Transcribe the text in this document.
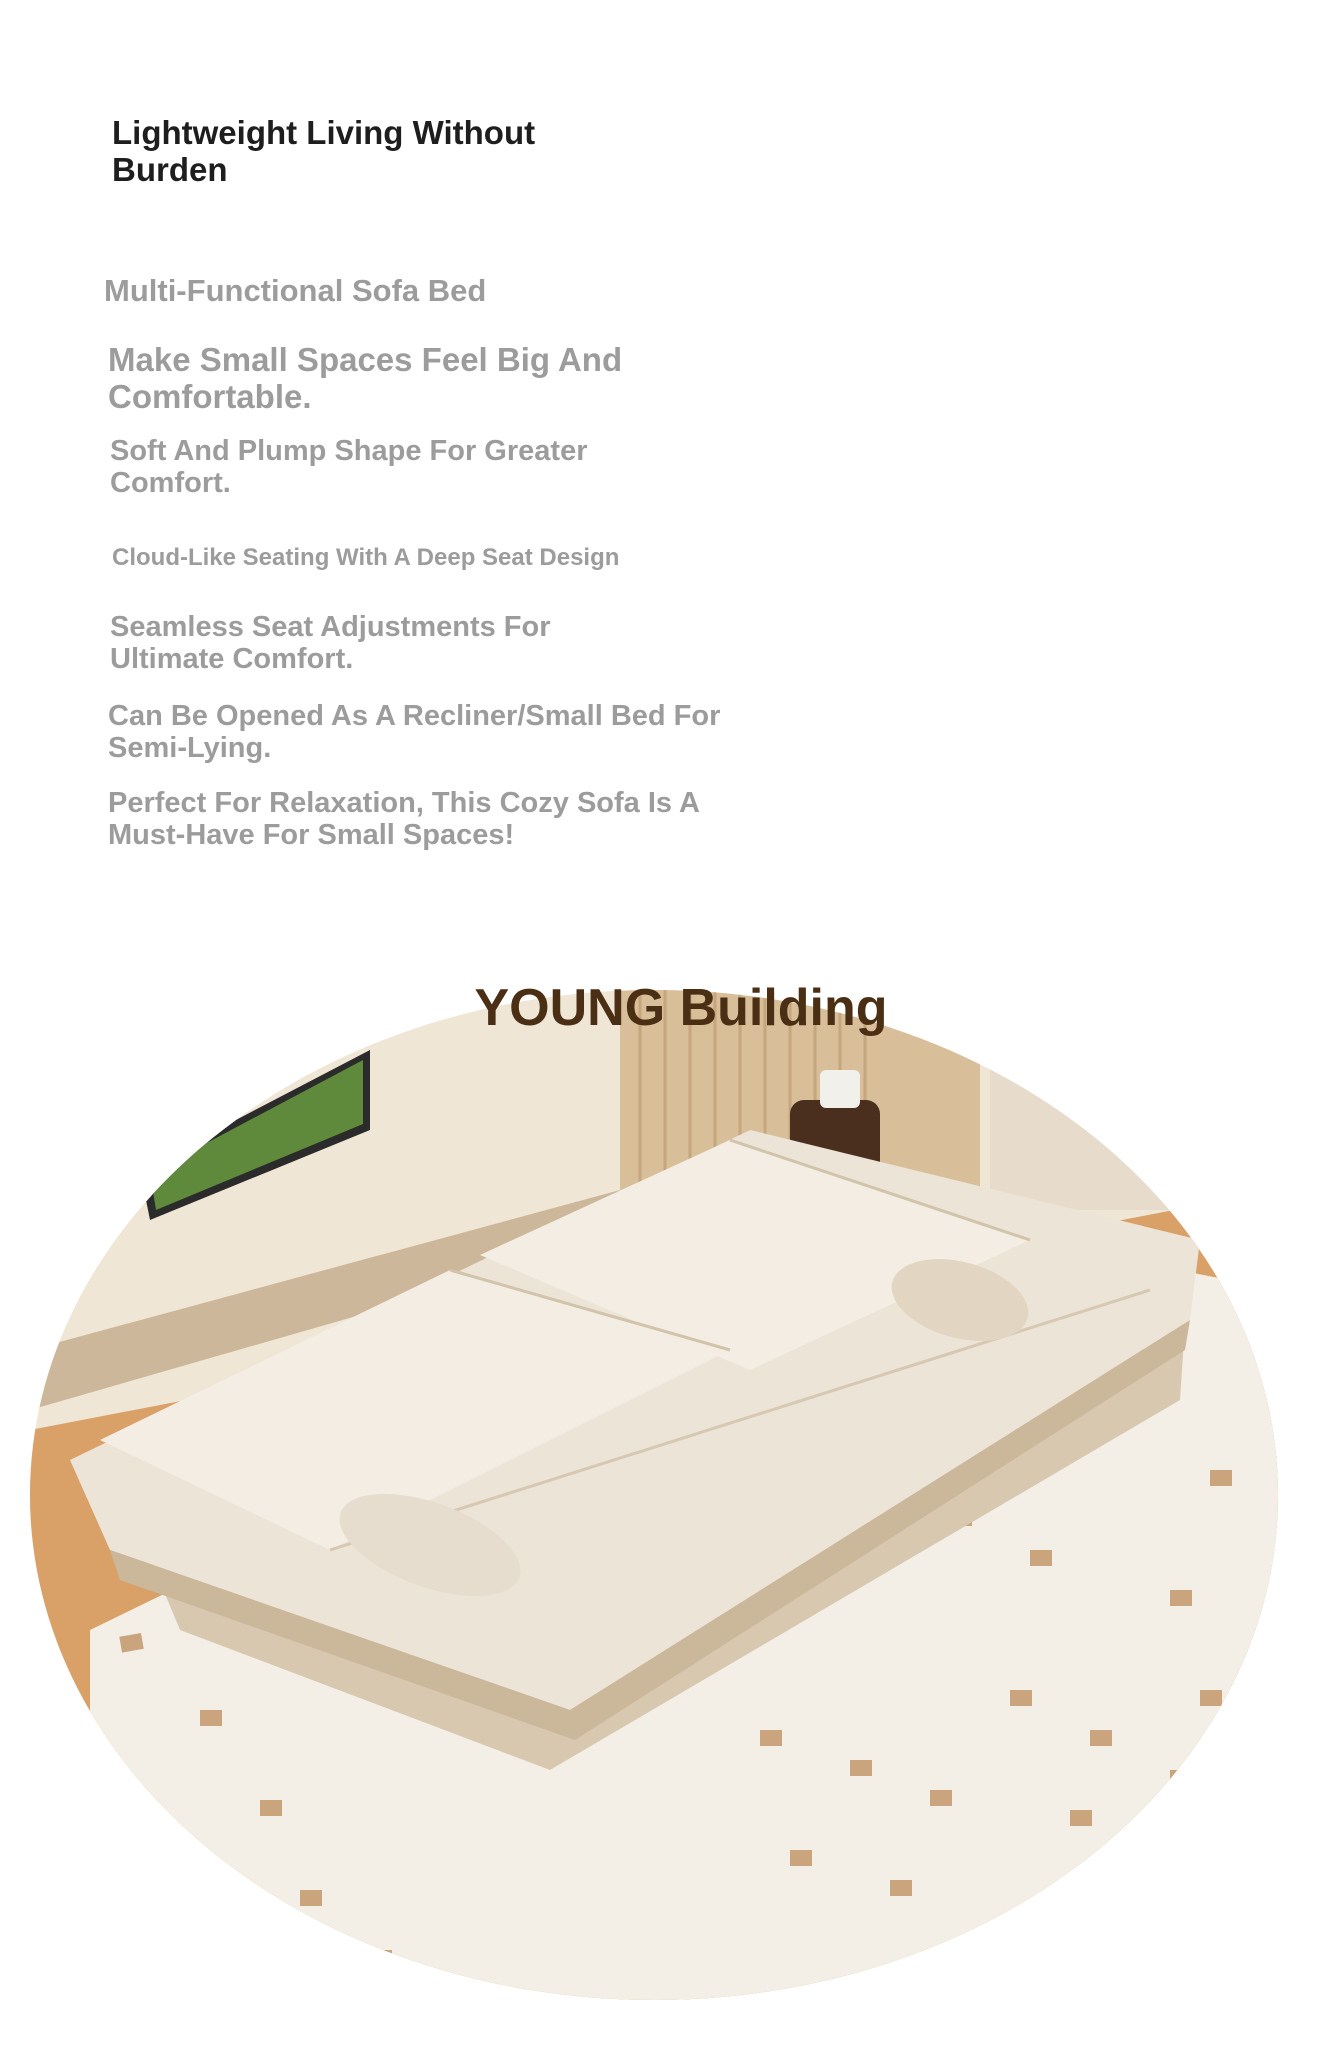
Lightweight Living Without Burden

Multi-Functional Sofa Bed

Make Small Spaces Feel Big And Comfortable.

Soft And Plump Shape For Greater Comfort.

Cloud-Like Seating With A Deep Seat Design

Seamless Seat Adjustments For Ultimate Comfort.

Can Be Opened As A Recliner/Small Bed For Semi-Lying.

Perfect For Relaxation, This Cozy Sofa Is A Must-Have For Small Spaces!

YOUNG Building
